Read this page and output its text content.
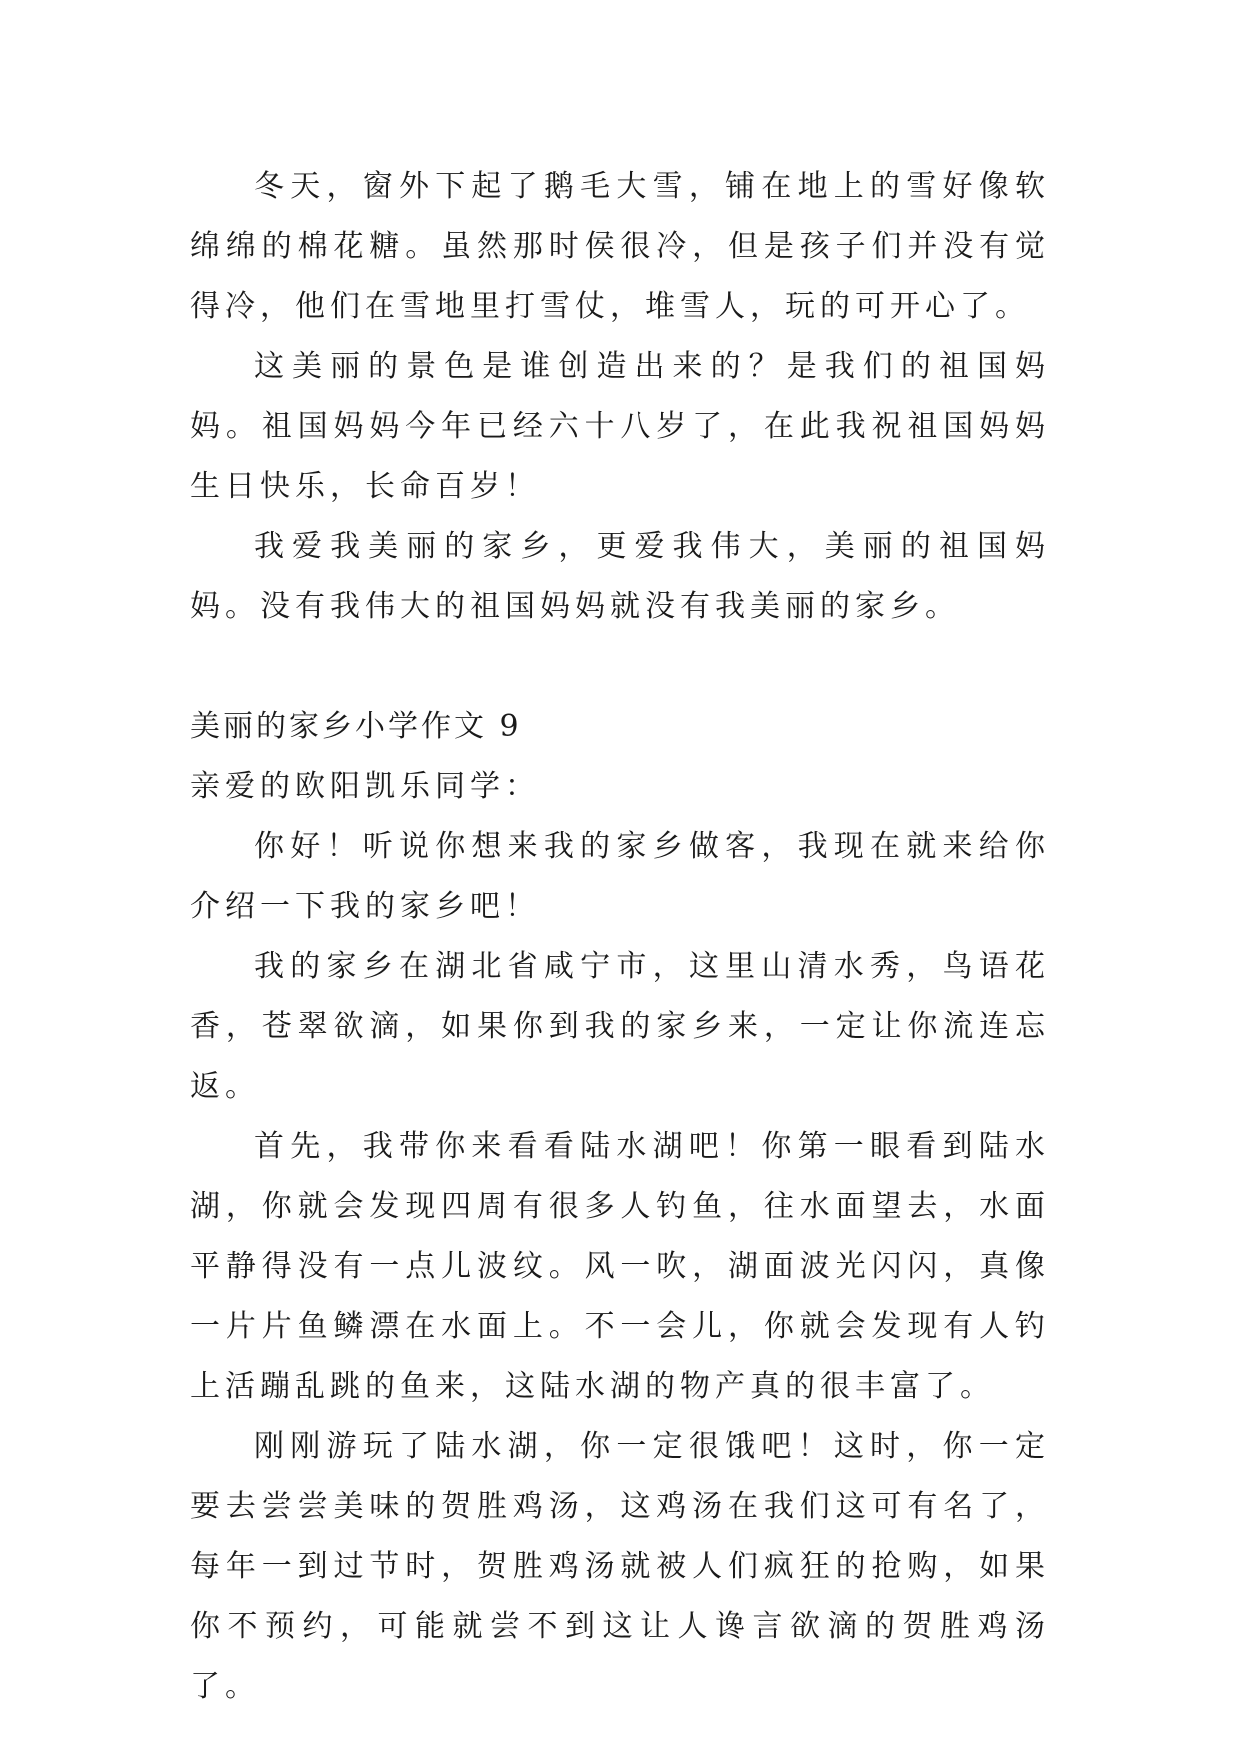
冬天，窗外下起了鹅毛大雪，铺在地上的雪好像软绵绵的棉花糖。虽然那时侯很冷，但是孩子们并没有觉得冷，他们在雪地里打雪仗，堆雪人，玩的可开心了。

这美丽的景色是谁创造出来的？是我们的祖国妈妈。祖国妈妈今年已经六十八岁了，在此我祝祖国妈妈生日快乐，长命百岁！

我爱我美丽的家乡，更爱我伟大，美丽的祖国妈妈。没有我伟大的祖国妈妈就没有我美丽的家乡。

美丽的家乡小学作文 9

亲爱的欧阳凯乐同学：

你好！听说你想来我的家乡做客，我现在就来给你介绍一下我的家乡吧！

我的家乡在湖北省咸宁市，这里山清水秀，鸟语花香，苍翠欲滴，如果你到我的家乡来，一定让你流连忘返。

首先，我带你来看看陆水湖吧！你第一眼看到陆水湖，你就会发现四周有很多人钓鱼，往水面望去，水面平静得没有一点儿波纹。风一吹，湖面波光闪闪，真像一片片鱼鳞漂在水面上。不一会儿，你就会发现有人钓上活蹦乱跳的鱼来，这陆水湖的物产真的很丰富了。

刚刚游玩了陆水湖，你一定很饿吧！这时，你一定要去尝尝美味的贺胜鸡汤，这鸡汤在我们这可有名了，每年一到过节时，贺胜鸡汤就被人们疯狂的抢购，如果你不预约，可能就尝不到这让人谗言欲滴的贺胜鸡汤了。
